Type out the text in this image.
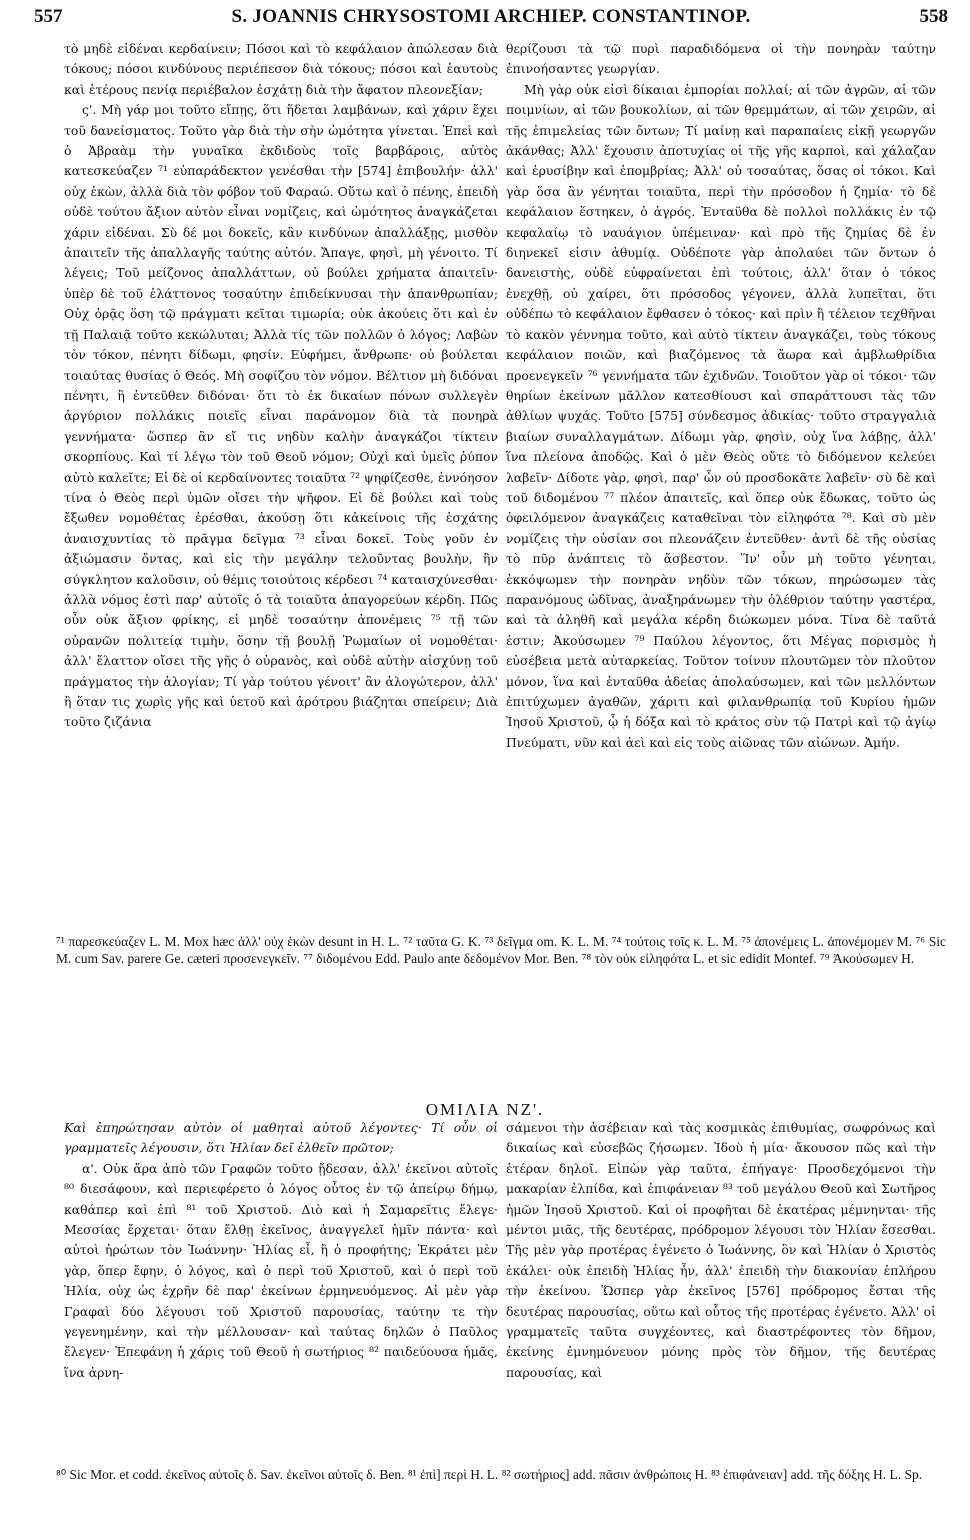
557	S. JOANNIS CHRYSOSTOMI ARCHIEP. CONSTANTINOP.	558

τὸ μηδὲ εἰδέναι κερδαίνειν; Πόσοι καὶ τὸ κεφάλαιον ἀπώλεσαν διὰ τόκους; πόσοι κινδύνους περιέπεσον διὰ τόκους; πόσοι καὶ ἑαυτοὺς καὶ ἑτέρους πενίᾳ περιέβαλον ἐσχάτῃ διὰ τὴν ἄφατον πλεονεξίαν;

ς'. Μὴ γάρ μοι τοῦτο εἴπῃς, ὅτι ἥδεται λαμβάνων, καὶ χάριν ἔχει τοῦ δανείσματος. Τοῦτο γὰρ διὰ τὴν σὴν ὠμότητα γίνεται. Ἐπεὶ καὶ ὁ Ἀβραὰμ τὴν γυναῖκα ἐκδιδοὺς τοῖς βαρβάροις, αὐτὸς κατεσκεύαζεν ⁷¹ εὐπαράδεκτον γενέσθαι τὴν [574] ἐπιβουλήν· ἀλλ' οὐχ ἑκὼν, ἀλλὰ διὰ τὸν φόβον τοῦ Φαραώ. Οὕτω καὶ ὁ πένης, ἐπειδὴ οὐδὲ τούτου ἄξιον αὐτὸν εἶναι νομίζεις, καὶ ὠμότητος ἀναγκάζεται χάριν εἰδέναι. Σὺ δέ μοι δοκεῖς, κἂν κινδύνων ἀπαλλάξῃς, μισθὸν ἀπαιτεῖν τῆς ἀπαλλαγῆς ταύτης αὐτόν. Ἄπαγε, φησὶ, μὴ γένοιτο. Τί λέγεις; Τοῦ μείζονος ἀπαλλάττων, οὐ βούλει χρήματα ἀπαιτεῖν· ὑπὲρ δὲ τοῦ ἐλάττονος τοσαύτην ἐπιδείκνυσαι τὴν ἀπανθρωπίαν; Οὐχ ὁρᾷς ὅση τῷ πράγματι κεῖται τιμωρία; οὐκ ἀκούεις ὅτι καὶ ἐν τῇ Παλαιᾷ τοῦτο κεκώλυται; Ἀλλὰ τίς τῶν πολλῶν ὁ λόγος; Λαβὼν τὸν τόκον, πένητι δίδωμι, φησίν. Εὐφήμει, ἄνθρωπε· οὐ βούλεται τοιαύτας θυσίας ὁ Θεός. Μὴ σοφίζου τὸν νόμον. Βέλτιον μὴ διδόναι πένητι, ἢ ἐντεῦθεν διδόναι· ὅτι τὸ ἐκ δικαίων πόνων συλλεγὲν ἀργύριον πολλάκις ποιεῖς εἶναι παράνομον διὰ τὰ πονηρὰ γεννήματα· ὥσπερ ἂν εἴ τις νηδὺν καλὴν ἀναγκάζοι τίκτειν σκορπίους. Καὶ τί λέγω τὸν τοῦ Θεοῦ νόμον; Οὐχὶ καὶ ὑμεῖς ῥύπον αὐτὸ καλεῖτε; Εἰ δὲ οἱ κερδαίνοντες τοιαῦτα ⁷² ψηφίζεσθε, ἐννόησον τίνα ὁ Θεὸς περὶ ὑμῶν οἴσει τὴν ψῆφον. Εἰ δὲ βούλει καὶ τοὺς ἔξωθεν νομοθέτας ἐρέσθαι, ἀκούσῃ ὅτι κἀκείνοις τῆς ἐσχάτης ἀναισχυντίας τὸ πρᾶγμα δεῖγμα ⁷³ εἶναι δοκεῖ. Τοὺς γοῦν ἐν ἀξιώμασιν ὄντας, καὶ εἰς τὴν μεγάλην τελοῦντας βουλὴν, ἣν σύγκλητον καλοῦσιν, οὐ θέμις τοιούτοις κέρδεσι ⁷⁴ καταισχύνεσθαι· ἀλλὰ νόμος ἐστὶ παρ' αὐτοῖς ὁ τὰ τοιαῦτα ἀπαγορεύων κέρδη. Πῶς οὖν οὐκ ἄξιον φρίκης, εἰ μηδὲ τοσαύτην ἀπονέμεις ⁷⁵ τῇ τῶν οὐρανῶν πολιτείᾳ τιμὴν, ὅσην τῇ βουλῇ Ῥωμαίων οἱ νομοθέται· ἀλλ' ἔλαττον οἴσει τῆς γῆς ὁ οὐρανὸς, καὶ οὐδὲ αὐτὴν αἰσχύνῃ τοῦ πράγματος τὴν ἀλογίαν; Τί γὰρ τούτου γένοιτ' ἂν ἀλογώτερον, ἀλλ' ἢ ὅταν τις χωρὶς γῆς καὶ ὑετοῦ καὶ ἀρότρου βιάζηται σπείρειν; Διὰ τοῦτο ζιζάνια

θερίζουσι τὰ τῷ πυρὶ παραδιδόμενα οἱ τὴν πονηρὰν ταύτην ἐπινοήσαντες γεωργίαν.

Μὴ γὰρ οὐκ εἰσὶ δίκαιαι ἐμπορίαι πολλαί; αἱ τῶν ἀγρῶν, αἱ τῶν ποιμνίων, αἱ τῶν βουκολίων, αἱ τῶν θρεμμάτων, αἱ τῶν χειρῶν, αἱ τῆς ἐπιμελείας τῶν ὄντων; Τί μαίνῃ καὶ παραπαίεις εἰκῇ γεωργῶν ἀκάνθας; Ἀλλ' ἔχουσιν ἀποτυχίας οἱ τῆς γῆς καρποὶ, καὶ χάλαζαν καὶ ἐρυσίβην καὶ ἐπομβρίας; Ἀλλ' οὐ τοσαύτας, ὅσας οἱ τόκοι. Καὶ γὰρ ὅσα ἂν γένηται τοιαῦτα, περὶ τὴν πρόσοδον ἡ ζημία· τὸ δὲ κεφάλαιον ἕστηκεν, ὁ ἀγρός. Ἐνταῦθα δὲ πολλοὶ πολλάκις ἐν τῷ κεφαλαίῳ τὸ ναυάγιον ὑπέμειναν· καὶ πρὸ τῆς ζημίας δὲ ἐν διηνεκεῖ εἰσιν ἀθυμίᾳ. Οὐδέποτε γὰρ ἀπολαύει τῶν ὄντων ὁ δανειστὴς, οὐδὲ εὐφραίνεται ἐπὶ τούτοις, ἀλλ' ὅταν ὁ τόκος ἐνεχθῇ, οὐ χαίρει, ὅτι πρόσοδος γέγονεν, ἀλλὰ λυπεῖται, ὅτι οὐδέπω τὸ κεφάλαιον ἔφθασεν ὁ τόκος· καὶ πρὶν ἢ τέλειον τεχθῆναι τὸ κακὸν γέννημα τοῦτο, καὶ αὐτὸ τίκτειν ἀναγκάζει, τοὺς τόκους κεφάλαιον ποιῶν, καὶ βιαζόμενος τὰ ἄωρα καὶ ἀμβλωθρίδια προενεγκεῖν ⁷⁶ γεννήματα τῶν ἐχιδνῶν. Τοιοῦτον γὰρ οἱ τόκοι· τῶν θηρίων ἐκείνων μᾶλλον κατεσθίουσι καὶ σπαράττουσι τὰς τῶν ἀθλίων ψυχάς. Τοῦτο [575] σύνδεσμος ἀδικίας· τοῦτο στραγγαλιὰ βιαίων συναλλαγμάτων. Δίδωμι γὰρ, φησὶν, οὐχ ἵνα λάβῃς, ἀλλ' ἵνα πλείονα ἀποδῷς. Καὶ ὁ μὲν Θεὸς οὔτε τὸ διδόμενον κελεύει λαβεῖν· Δίδοτε γὰρ, φησὶ, παρ' ὧν οὐ προσδοκᾶτε λαβεῖν· σὺ δὲ καὶ τοῦ διδομένου ⁷⁷ πλέον ἀπαιτεῖς, καὶ ὅπερ οὐκ ἔδωκας, τοῦτο ὡς ὀφειλόμενον ἀναγκάζεις καταθεῖναι τὸν εἰληφότα ⁷⁸. Καὶ σὺ μὲν νομίζεις τὴν οὐσίαν σοι πλεονάζειν ἐντεῦθεν· ἀντὶ δὲ τῆς οὐσίας τὸ πῦρ ἀνάπτεις τὸ ἄσβεστον. Ἵν' οὖν μὴ τοῦτο γένηται, ἐκκόψωμεν τὴν πονηρὰν νηδὺν τῶν τόκων, πηρώσωμεν τὰς παρανόμους ὠδῖνας, ἀναξηράνωμεν τὴν ὀλέθριον ταύτην γαστέρα, καὶ τὰ ἀληθῆ καὶ μεγάλα κέρδη διώκωμεν μόνα. Τίνα δὲ ταῦτά ἐστιν; Ἀκούσωμεν ⁷⁹ Παύλου λέγοντος, ὅτι Μέγας πορισμὸς ἡ εὐσέβεια μετὰ αὐταρκείας. Τοῦτον τοίνυν πλουτῶμεν τὸν πλοῦτον μόνον, ἵνα καὶ ἐνταῦθα ἀδείας ἀπολαύσωμεν, καὶ τῶν μελλόντων ἐπιτύχωμεν ἀγαθῶν, χάριτι καὶ φιλανθρωπίᾳ τοῦ Κυρίου ἡμῶν Ἰησοῦ Χριστοῦ, ᾧ ἡ δόξα καὶ τὸ κράτος σὺν τῷ Πατρὶ καὶ τῷ ἁγίῳ Πνεύματι, νῦν καὶ ἀεὶ καὶ εἰς τοὺς αἰῶνας τῶν αἰώνων. Ἀμήν.

⁷¹ παρεσκεύαζεν L. M. Mox hæc ἀλλ' οὐχ ἑκὼν desunt in H. L. ⁷² ταῦτα G. K. ⁷³ δεῖγμα om. K. L. M. ⁷⁴ τούτοις τοῖς κ. L. M. ⁷⁵ ἀπονέμεις L. ἀπονέμομεν M. ⁷⁶ Sic M. cum Sav. parere Ge. cæteri προσενεγκεῖν. ⁷⁷ διδομένου Edd. Paulo ante δεδομένον Mor. Ben. ⁷⁸ τὸν οὐκ εἰληφότα L. et sic edidit Montef. ⁷⁹ Ἀκούσωμεν H.

ΟΜΙΛΙΑ ΝΖ'.

Καὶ ἐπηρώτησαν αὐτὸν οἱ μαθηταὶ αὐτοῦ λέγοντες· Τί οὖν οἱ γραμματεῖς λέγουσιν, ὅτι Ἠλίαν δεῖ ἐλθεῖν πρῶτον;

α'. Οὐκ ἄρα ἀπὸ τῶν Γραφῶν τοῦτο ᾔδεσαν, ἀλλ' ἐκεῖνοι αὐτοῖς ⁸⁰ διεσάφουν, καὶ περιεφέρετο ὁ λόγος οὗτος ἐν τῷ ἀπείρῳ δήμῳ, καθάπερ καὶ ἐπὶ ⁸¹ τοῦ Χριστοῦ. Διὸ καὶ ἡ Σαμαρεῖτις ἔλεγε· Μεσσίας ἔρχεται· ὅταν ἔλθῃ ἐκεῖνος, ἀναγγελεῖ ἡμῖν πάντα· καὶ αὐτοὶ ἠρώτων τὸν Ἰωάννην· Ἠλίας εἶ, ἢ ὁ προφήτης; Ἐκράτει μὲν γὰρ, ὅπερ ἔφην, ὁ λόγος, καὶ ὁ περὶ τοῦ Χριστοῦ, καὶ ὁ περὶ τοῦ Ἠλία, οὐχ ὡς ἐχρῆν δὲ παρ' ἐκείνων ἑρμηνευόμενος. Αἱ μὲν γὰρ Γραφαὶ δύο λέγουσι τοῦ Χριστοῦ παρουσίας, ταύτην τε τὴν γεγενημένην, καὶ τὴν μέλλουσαν· καὶ ταύτας δηλῶν ὁ Παῦλος ἔλεγεν· Ἐπεφάνη ἡ χάρις τοῦ Θεοῦ ἡ σωτήριος ⁸² παιδεύουσα ἡμᾶς, ἵνα ἀρνη-

σάμενοι τὴν ἀσέβειαν καὶ τὰς κοσμικὰς ἐπιθυμίας, σωφρόνως καὶ δικαίως καὶ εὐσεβῶς ζήσωμεν. Ἰδοὺ ἡ μία· ἄκουσον πῶς καὶ τὴν ἑτέραν δηλοῖ. Εἰπὼν γὰρ ταῦτα, ἐπήγαγε· Προσδεχόμενοι τὴν μακαρίαν ἐλπίδα, καὶ ἐπιφάνειαν ⁸³ τοῦ μεγάλου Θεοῦ καὶ Σωτῆρος ἡμῶν Ἰησοῦ Χριστοῦ. Καὶ οἱ προφῆται δὲ ἑκατέρας μέμνηνται· τῆς μέντοι μιᾶς, τῆς δευτέρας, πρόδρομον λέγουσι τὸν Ἠλίαν ἔσεσθαι. Τῆς μὲν γὰρ προτέρας ἐγένετο ὁ Ἰωάννης, ὃν καὶ Ἠλίαν ὁ Χριστὸς ἐκάλει· οὐκ ἐπειδὴ Ἠλίας ἦν, ἀλλ' ἐπειδὴ τὴν διακονίαν ἐπλήρου τὴν ἐκείνου. Ὥσπερ γὰρ ἐκεῖνος [576] πρόδρομος ἔσται τῆς δευτέρας παρουσίας, οὕτω καὶ οὗτος τῆς προτέρας ἐγένετο. Ἀλλ' οἱ γραμματεῖς ταῦτα συγχέοντες, καὶ διαστρέφοντες τὸν δῆμον, ἐκείνης ἐμνημόνευον μόνης πρὸς τὸν δῆμον, τῆς δευτέρας παρουσίας, καὶ

⁸⁰ Sic Mor. et codd. ἐκεῖνος αὐτοῖς δ. Sav. ἐκεῖνοι αὐτοῖς δ. Ben. ⁸¹ ἐπὶ] περὶ H. L. ⁸² σωτήριος] add. πᾶσιν ἀνθρώποις H. ⁸³ ἐπιφάνειαν] add. τῆς δόξης H. L. Sp.
